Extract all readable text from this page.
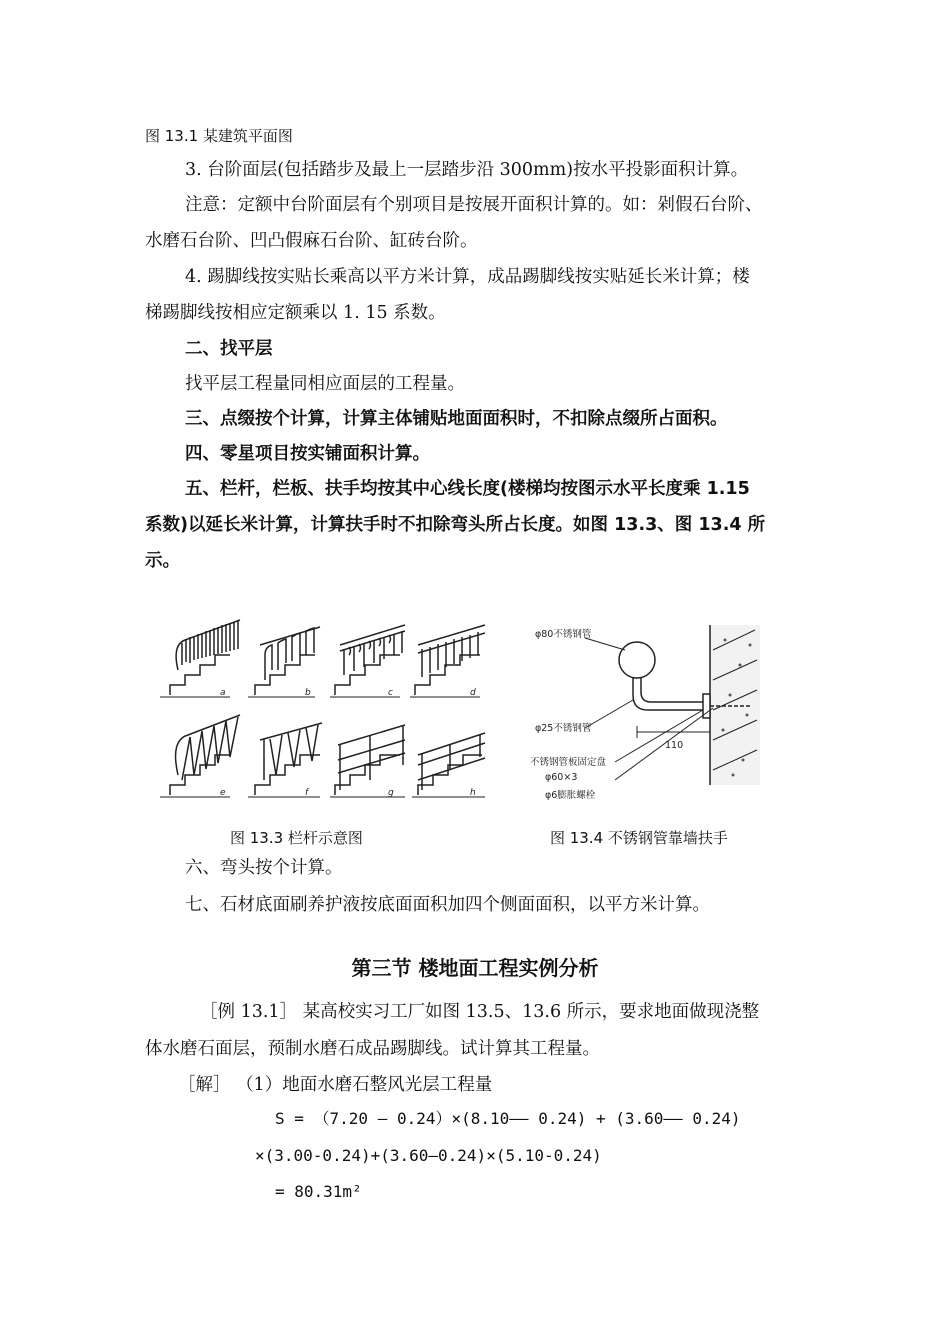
图 13.1 某建筑平面图
3. 台阶面层(包括踏步及最上一层踏步沿 300mm)按水平投影面积计算。
注意：定额中台阶面层有个别项目是按展开面积计算的。如：剁假石台阶、
水磨石台阶、凹凸假麻石台阶、缸砖台阶。
4. 踢脚线按实贴长乘高以平方米计算，成品踢脚线按实贴延长米计算；楼
梯踢脚线按相应定额乘以 1. 15 系数。
二、找平层
找平层工程量同相应面层的工程量。
三、点缀按个计算，计算主体铺贴地面面积时，不扣除点缀所占面积。
四、零星项目按实铺面积计算。
五、栏杆，栏板、扶手均按其中心线长度(楼梯均按图示水平长度乘 1.15
系数)以延长米计算，计算扶手时不扣除弯头所占长度。如图 13.3、图 13.4 所
示。
a	b	c	d
e	f	g	h
φ80不锈钢管
φ25不锈钢管
110
不锈钢管板固定盘
φ60×3
φ6膨胀螺栓
图 13.3 栏杆示意图	图 13.4 不锈钢管靠墙扶手
六、弯头按个计算。
七、石材底面刷养护液按底面面积加四个侧面面积，以平方米计算。
第三节 楼地面工程实例分析
［例 13.1］ 某高校实习工厂如图 13.5、13.6 所示，要求地面做现浇整
体水磨石面层，预制水磨石成品踢脚线。试计算其工程量。
［解］ （1）地面水磨石整风光层工程量
S = （7.20 – 0.24）×(8.10–– 0.24) + (3.60–– 0.24)
×(3.00-0.24)+(3.60–0.24)×(5.10-0.24)
= 80.31m²
